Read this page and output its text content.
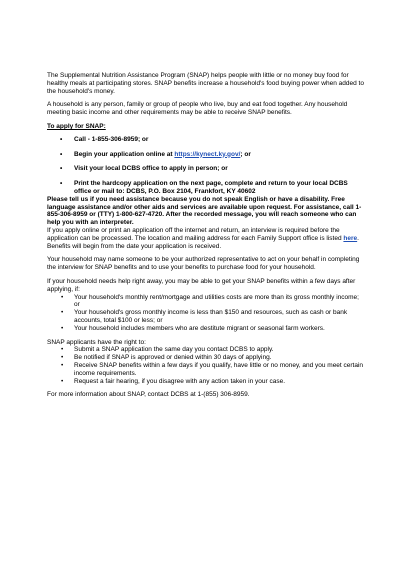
The Supplemental Nutrition Assistance Program (SNAP) helps people with little or no money buy food for healthy meals at participating stores. SNAP benefits increase a household's food buying power when added to the household's money.

A household is any person, family or group of people who live, buy and eat food together. Any household meeting basic income and other requirements may be able to receive SNAP benefits.

To apply for SNAP:

• Call - 1-855-306-8959; or
• Begin your application online at https://kynect.ky.gov/; or
• Visit your local DCBS office to apply in person; or
• Print the hardcopy application on the next page, complete and return to your local DCBS office or mail to: DCBS, P.O. Box 2104, Frankfort, KY 40602

Please tell us if you need assistance because you do not speak English or have a disability. Free language assistance and/or other aids and services are available upon request. For assistance, call 1-855-306-8959 or (TTY) 1-800-627-4720. After the recorded message, you will reach someone who can help you with an interpreter.

If you apply online or print an application off the internet and return, an interview is required before the application can be processed. The location and mailing address for each Family Support office is listed here. Benefits will begin from the date your application is received.

Your household may name someone to be your authorized representative to act on your behalf in completing the interview for SNAP benefits and to use your benefits to purchase food for your household.

If your household needs help right away, you may be able to get your SNAP benefits within a few days after applying, if:

• Your household's monthly rent/mortgage and utilities costs are more than its gross monthly income; or
• Your household's gross monthly income is less than $150 and resources, such as cash or bank accounts, total $100 or less; or
• Your household includes members who are destitute migrant or seasonal farm workers.

SNAP applicants have the right to:

• Submit a SNAP application the same day you contact DCBS to apply.
• Be notified if SNAP is approved or denied within 30 days of applying.
• Receive SNAP benefits within a few days if you qualify, have little or no money, and you meet certain income requirements.
• Request a fair hearing, if you disagree with any action taken in your case.

For more information about SNAP, contact DCBS at 1-(855) 306-8959.
